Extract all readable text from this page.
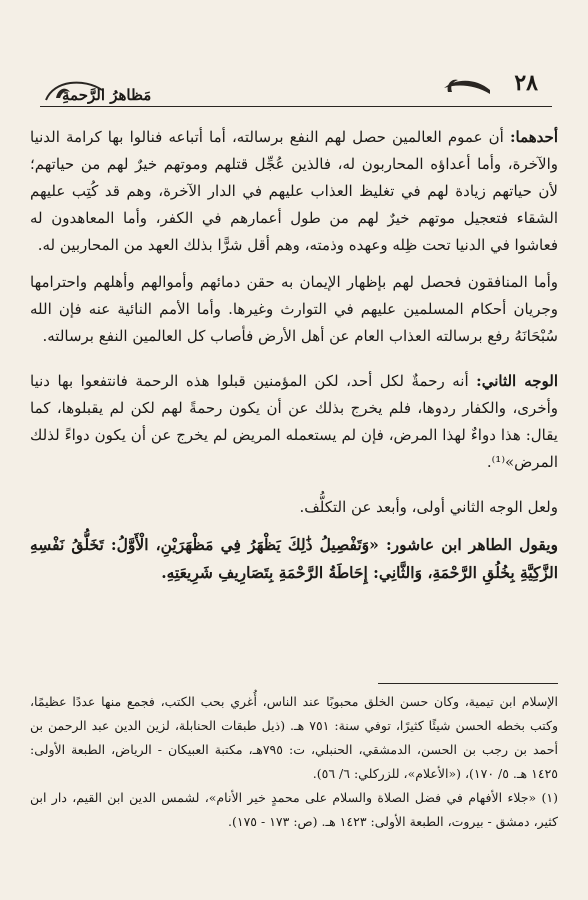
٢٨
مَظاهرُ الرَّحمةِ

أحدهما: أن عموم العالمين حصل لهم النفع برسالته، أما أتباعه فنالوا بها كرامة الدنيا والآخرة، وأما أعداؤه المحاربون له، فالذين عُجِّل قتلهم وموتهم خيرٌ لهم من حياتهم؛ لأن حياتهم زيادة لهم في تغليظ العذاب عليهم في الدار الآخرة، وهم قد كُتِب عليهم الشقاء فتعجيل موتهم خيرٌ لهم من طول أعمارهم في الكفر، وأما المعاهدون له فعاشوا في الدنيا تحت ظِله وعهده وذمته، وهم أقل شرًّا بذلك العهد من المحاربين له.

وأما المنافقون فحصل لهم بإظهار الإيمان به حقن دمائهم وأموالهم وأهلهم واحترامها وجريان أحكام المسلمين عليهم في التوارث وغيرها. وأما الأمم النائية عنه فإن الله سُبْحَانَهُ رفع برسالته العذاب العام عن أهل الأرض فأصاب كل العالمين النفع برسالته.

الوجه الثاني: أنه رحمةٌ لكل أحد، لكن المؤمنين قبلوا هذه الرحمة فانتفعوا بها دنيا وأخرى، والكفار ردوها، فلم يخرج بذلك عن أن يكون رحمةً لهم لكن لم يقبلوها، كما يقال: هذا دواءٌ لهذا المرض، فإن لم يستعمله المريض لم يخرج عن أن يكون دواءً لذلك المرض»⁽¹⁾.

ولعل الوجه الثاني أولى، وأبعد عن التكلُّف.

ويقول الطاهر ابن عاشور: «وَتَفْصِيلُ ذَٰلِكَ يَظْهَرُ فِي مَظْهَرَيْنِ، الْأَوَّلُ: تَخَلُّقُ نَفْسِهِ الزَّكِيَّةِ بِخُلُقِ الرَّحْمَةِ، وَالثَّانِي: إِحَاطَةُ الرَّحْمَةِ بِتَصَارِيفِ شَرِيعَتِهِ.

الإسلام ابن تيمية، وكان حسن الخلق محبوبًا عند الناس، أُغري بحب الكتب، فجمع منها عددًا عظيمًا، وكتب بخطه الحسن شيئًا كثيرًا، توفي سنة: ٧٥١ هـ. (ذيل طبقات الحنابلة، لزين الدين عبد الرحمن بن أحمد بن رجب بن الحسن، الدمشقي، الحنبلي، ت: ٧٩٥هـ، مكتبة العبيكان - الرياض، الطبعة الأولى: ١٤٢٥ هـ. ٥/ ١٧٠)، («الأعلام»، للزركلي: ٦/ ٥٦).

(١) «جلاء الأفهام في فضل الصلاة والسلام على محمدٍ خير الأنام»، لشمس الدين ابن القيم، دار ابن كثير، دمشق - بيروت، الطبعة الأولى: ١٤٢٣ هـ. (ص: ١٧٣ - ١٧٥).
